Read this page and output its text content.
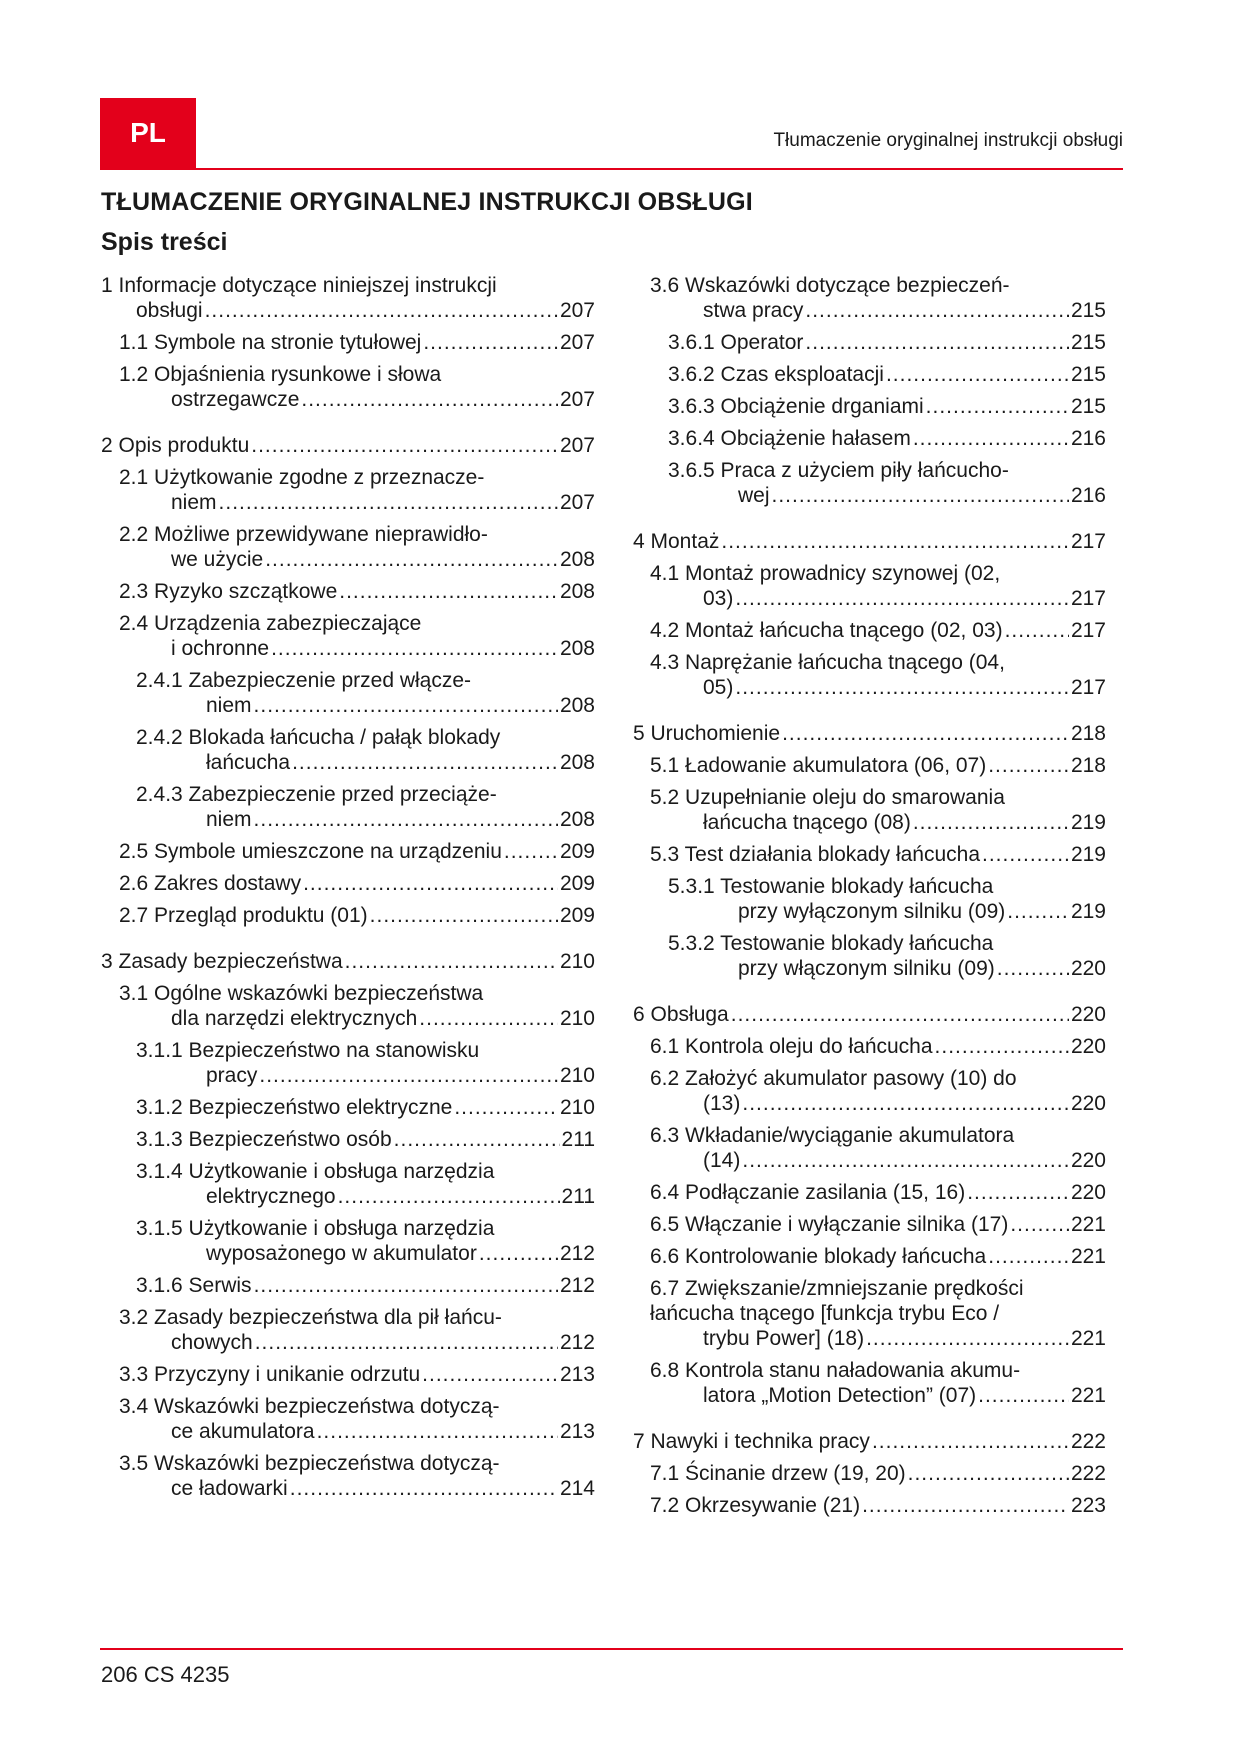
PL	Tłumaczenie oryginalnej instrukcji obsługi
TŁUMACZENIE ORYGINALNEJ INSTRUKCJI OBSŁUGI
Spis treści
1 Informacje dotyczące niniejszej instrukcji
obsługi .....	207
1.1 Symbole na stronie tytułowej .....	207
1.2 Objaśnienia rysunkowe i słowa
ostrzegawcze .....	207
2 Opis produktu .....	207
2.1 Użytkowanie zgodne z przeznacze-
niem .....	207
2.2 Możliwe przewidywane nieprawidło-
we użycie .....	208
2.3 Ryzyko szczątkowe .....	208
2.4 Urządzenia zabezpieczające
i ochronne .....	208
2.4.1 Zabezpieczenie przed włącze-
niem .....	208
2.4.2 Blokada łańcucha / pałąk blokady
łańcucha .....	208
2.4.3 Zabezpieczenie przed przeciąże-
niem .....	208
2.5 Symbole umieszczone na urządzeniu .....	209
2.6 Zakres dostawy .....	209
2.7 Przegląd produktu (01) .....	209
3 Zasady bezpieczeństwa .....	210
3.1 Ogólne wskazówki bezpieczeństwa
dla narzędzi elektrycznych .....	210
3.1.1 Bezpieczeństwo na stanowisku
pracy .....	210
3.1.2 Bezpieczeństwo elektryczne .....	210
3.1.3 Bezpieczeństwo osób .....	211
3.1.4 Użytkowanie i obsługa narzędzia
elektrycznego .....	211
3.1.5 Użytkowanie i obsługa narzędzia
wyposażonego w akumulator .....	212
3.1.6 Serwis .....	212
3.2 Zasady bezpieczeństwa dla pił łańcu-
chowych .....	212
3.3 Przyczyny i unikanie odrzutu .....	213
3.4 Wskazówki bezpieczeństwa dotyczą-
ce akumulatora .....	213
3.5 Wskazówki bezpieczeństwa dotyczą-
ce ładowarki .....	214
3.6 Wskazówki dotyczące bezpieczeń-
stwa pracy .....	215
3.6.1 Operator .....	215
3.6.2 Czas eksploatacji .....	215
3.6.3 Obciążenie drganiami .....	215
3.6.4 Obciążenie hałasem .....	216
3.6.5 Praca z użyciem piły łańcucho-
wej .....	216
4 Montaż .....	217
4.1 Montaż prowadnicy szynowej (02,
03) .....	217
4.2 Montaż łańcucha tnącego (02, 03) .....	217
4.3 Naprężanie łańcucha tnącego (04,
05) .....	217
5 Uruchomienie .....	218
5.1 Ładowanie akumulatora (06, 07) .....	218
5.2 Uzupełnianie oleju do smarowania
łańcucha tnącego (08) .....	219
5.3 Test działania blokady łańcucha .....	219
5.3.1 Testowanie blokady łańcucha
przy wyłączonym silniku (09) .....	219
5.3.2 Testowanie blokady łańcucha
przy włączonym silniku (09) .....	220
6 Obsługa .....	220
6.1 Kontrola oleju do łańcucha .....	220
6.2 Założyć akumulator pasowy (10) do
(13) .....	220
6.3 Wkładanie/wyciąganie akumulatora
(14) .....	220
6.4 Podłączanie zasilania (15, 16) .....	220
6.5 Włączanie i wyłączanie silnika (17) .....	221
6.6 Kontrolowanie blokady łańcucha .....	221
6.7 Zwiększanie/zmniejszanie prędkości
łańcucha tnącego [funkcja trybu Eco /
trybu Power] (18) .....	221
6.8 Kontrola stanu naładowania akumu-
latora „Motion Detection” (07) .....	221
7 Nawyki i technika pracy .....	222
7.1 Ścinanie drzew (19, 20) .....	222
7.2 Okrzesywanie (21) .....	223
206 CS 4235
